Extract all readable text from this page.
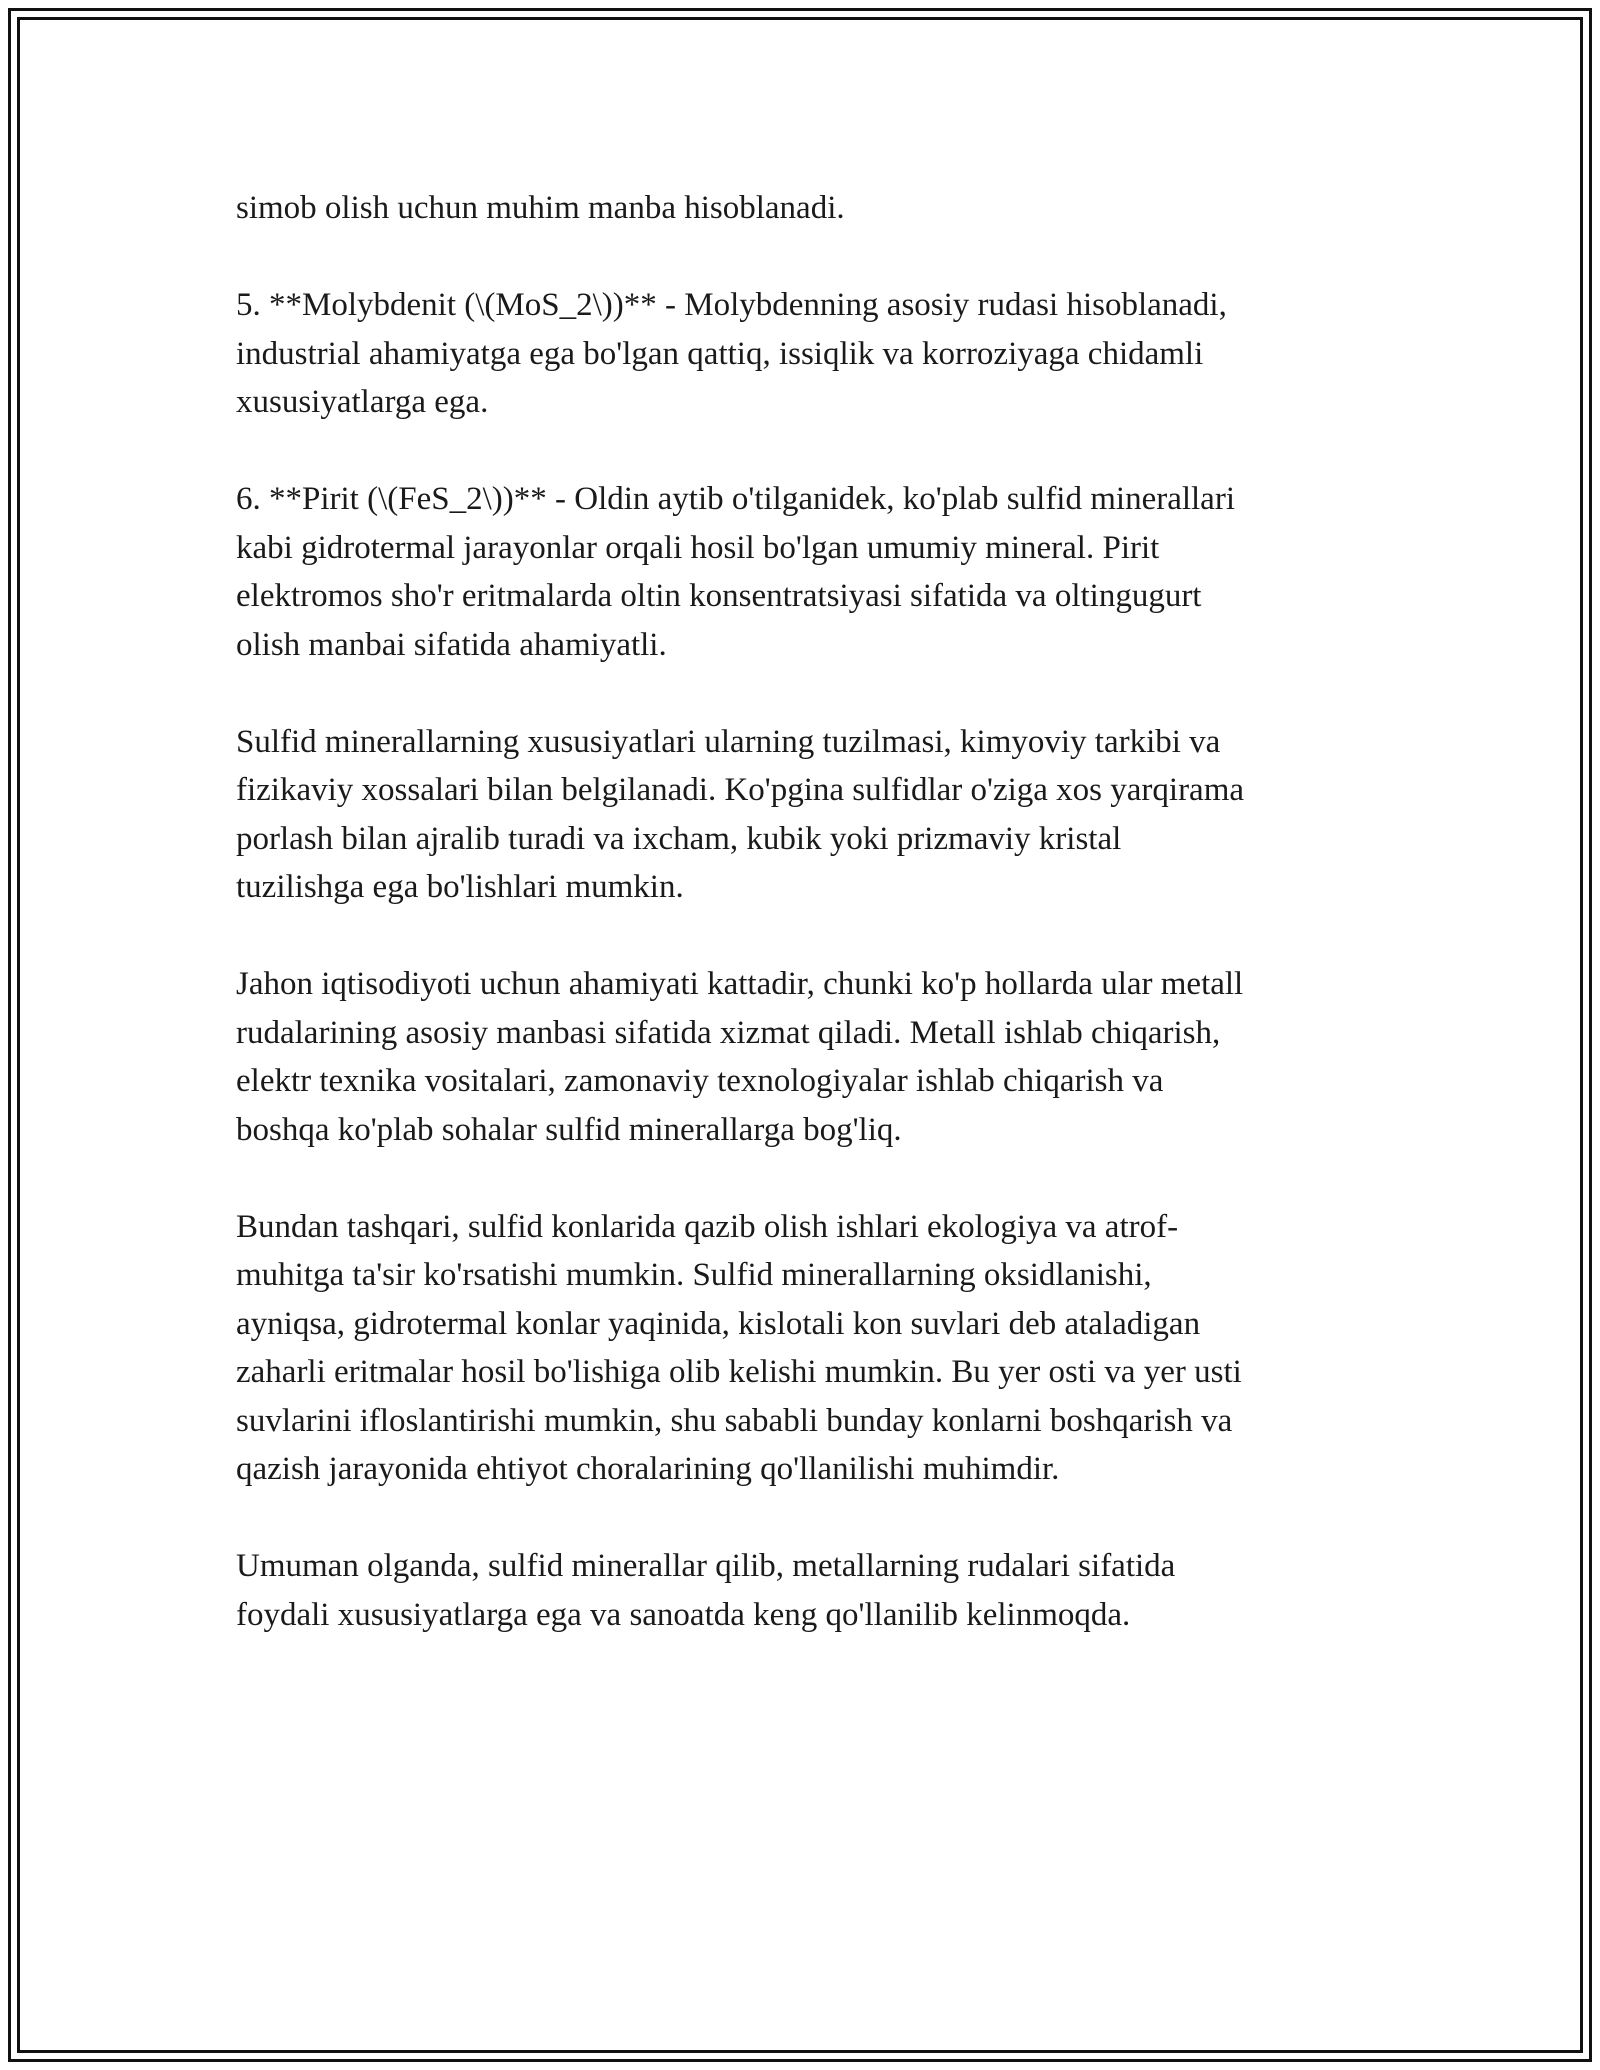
simob olish uchun muhim manba hisoblanadi.

5. **Molybdenit (\(MoS_2\))** - Molybdenning asosiy rudasi hisoblanadi,
industrial ahamiyatga ega bo'lgan qattiq, issiqlik va korroziyaga chidamli
xususiyatlarga ega.

6. **Pirit (\(FeS_2\))** - Oldin aytib o'tilganidek, ko'plab sulfid minerallari
kabi gidrotermal jarayonlar orqali hosil bo'lgan umumiy mineral. Pirit
elektromos sho'r eritmalarda oltin konsentratsiyasi sifatida va oltingugurt
olish manbai sifatida ahamiyatli.

Sulfid minerallarning xususiyatlari ularning tuzilmasi, kimyoviy tarkibi va
fizikaviy xossalari bilan belgilanadi. Ko'pgina sulfidlar o'ziga xos yarqirama
porlash bilan ajralib turadi va ixcham, kubik yoki prizmaviy kristal
tuzilishga ega bo'lishlari mumkin.

Jahon iqtisodiyoti uchun ahamiyati kattadir, chunki ko'p hollarda ular metall
rudalarining asosiy manbasi sifatida xizmat qiladi. Metall ishlab chiqarish,
elektr texnika vositalari, zamonaviy texnologiyalar ishlab chiqarish va
boshqa ko'plab sohalar sulfid minerallarga bog'liq.

Bundan tashqari, sulfid konlarida qazib olish ishlari ekologiya va atrof-
muhitga ta'sir ko'rsatishi mumkin. Sulfid minerallarning oksidlanishi,
ayniqsa, gidrotermal konlar yaqinida, kislotali kon suvlari deb ataladigan
zaharli eritmalar hosil bo'lishiga olib kelishi mumkin. Bu yer osti va yer usti
suvlarini ifloslantirishi mumkin, shu sababli bunday konlarni boshqarish va
qazish jarayonida ehtiyot choralarining qo'llanilishi muhimdir.

Umuman olganda, sulfid minerallar qilib, metallarning rudalari sifatida
foydali xususiyatlarga ega va sanoatda keng qo'llanilib kelinmoqda.
